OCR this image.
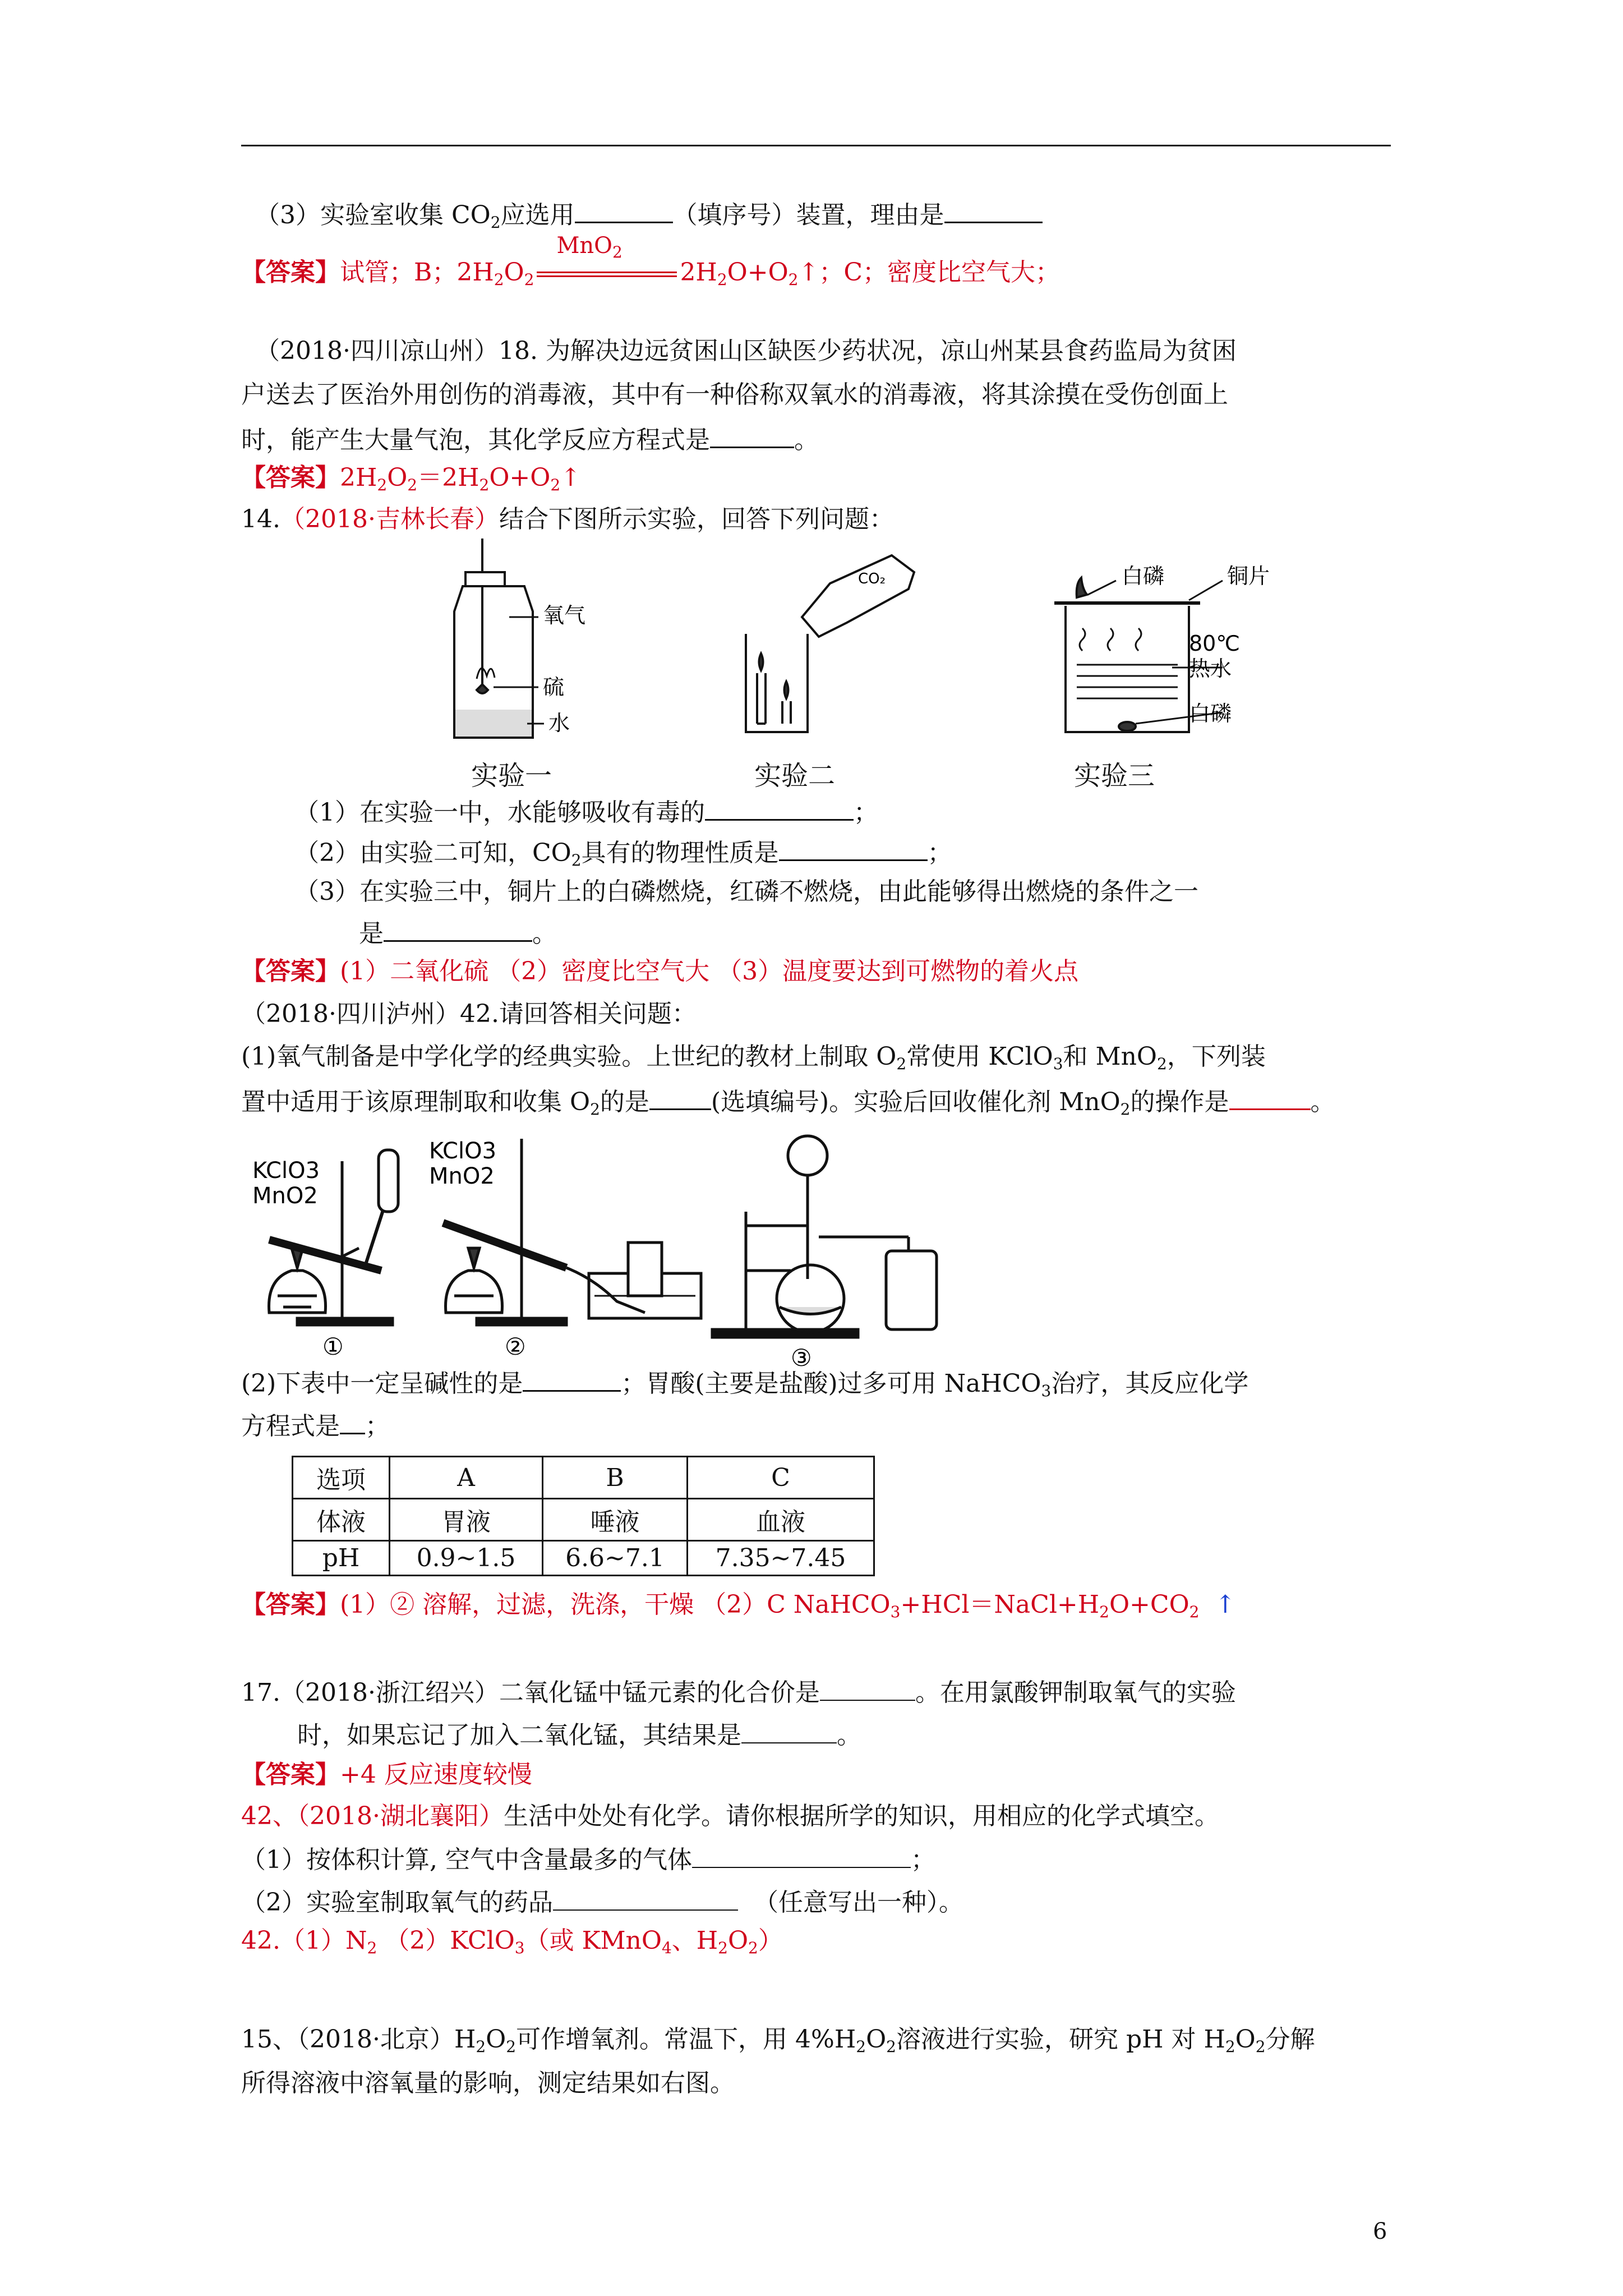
（3）实验室收集 $CO_2$应选用	（填序号）装置，理由是
【答案】试管；B；$2H_2O_2$
MnO$_2$
$2H_2O+O_2↑$；C；密度比空气大；
（2018·四川凉山州）18. 为解决边远贫困山区缺医少药状况，凉山州某县食药监局为贫困
户送去了医治外用创伤的消毒液，其中有一种俗称双氧水的消毒液，将其涂摸在受伤创面上
时，能产生大量气泡，其化学反应方程式是	。
【答案】$2H_2O_2=2H_2O+O_2↑$
14.（2018·吉林长春）结合下图所示实验，回答下列问题：
氧气
硫
水
CO₂	白磷	铜片
80℃
热水
白磷
实验一	实验二	实验三
（1）在实验一中，水能够吸收有毒的	；
（2）由实验二可知，$CO_2$具有的物理性质是	；
（3）在实验三中，铜片上的白磷燃烧，红磷不燃烧，由此能够得出燃烧的条件之一
是	。
【答案】(1）二氧化硫 （2）密度比空气大 （3）温度要达到可燃物的着火点
（2018·四川泸州）42.请回答相关问题：
(1)氧气制备是中学化学的经典实验。上世纪的教材上制取 $O_2$常使用 KClO$_3$和 MnO$_2$，下列装
置中适用于该原理制取和收集 $O_2$的是	(选填编号)。实验后回收催化剂 MnO$_2$的操作是	。
KClO3
MnO2
①
KClO3
MnO2
②	③
(2)下表中一定呈碱性的是	；胃酸(主要是盐酸)过多可用 NaHCO$_3$治疗，其反应化学
方程式是 ；
选项	A	B	C
体液	胃液	唾液	血液
pH	0.9~1.5	6.6~7.1	7.35~7.45
【答案】(1）② 溶解，过滤，洗涤，干燥 （2）C $NaHCO_3+HCl=NaCl+H_2O+CO_2$ ↑
17.（2018·浙江绍兴）二氧化锰中锰元素的化合价是	。在用氯酸钾制取氧气的实验
时，如果忘记了加入二氧化锰，其结果是	。
【答案】+4 反应速度较慢
42、（2018·湖北襄阳）生活中处处有化学。请你根据所学的知识，用相应的化学式填空。
（1）按体积计算, 空气中含量最多的气体	；
（2）实验室制取氧气的药品	（任意写出一种）。
$42.(1)N_2$ （2）KClO$_3$（或 KMnO$_4$、$H_2O_2$）
15、（2018·北京）$H_2O_2$可作增氧剂。常温下，用 $4\%H_2O_2$溶液进行实验，研究 pH 对 $H_2O_2$分解
所得溶液中溶氧量的影响，测定结果如右图。
6
